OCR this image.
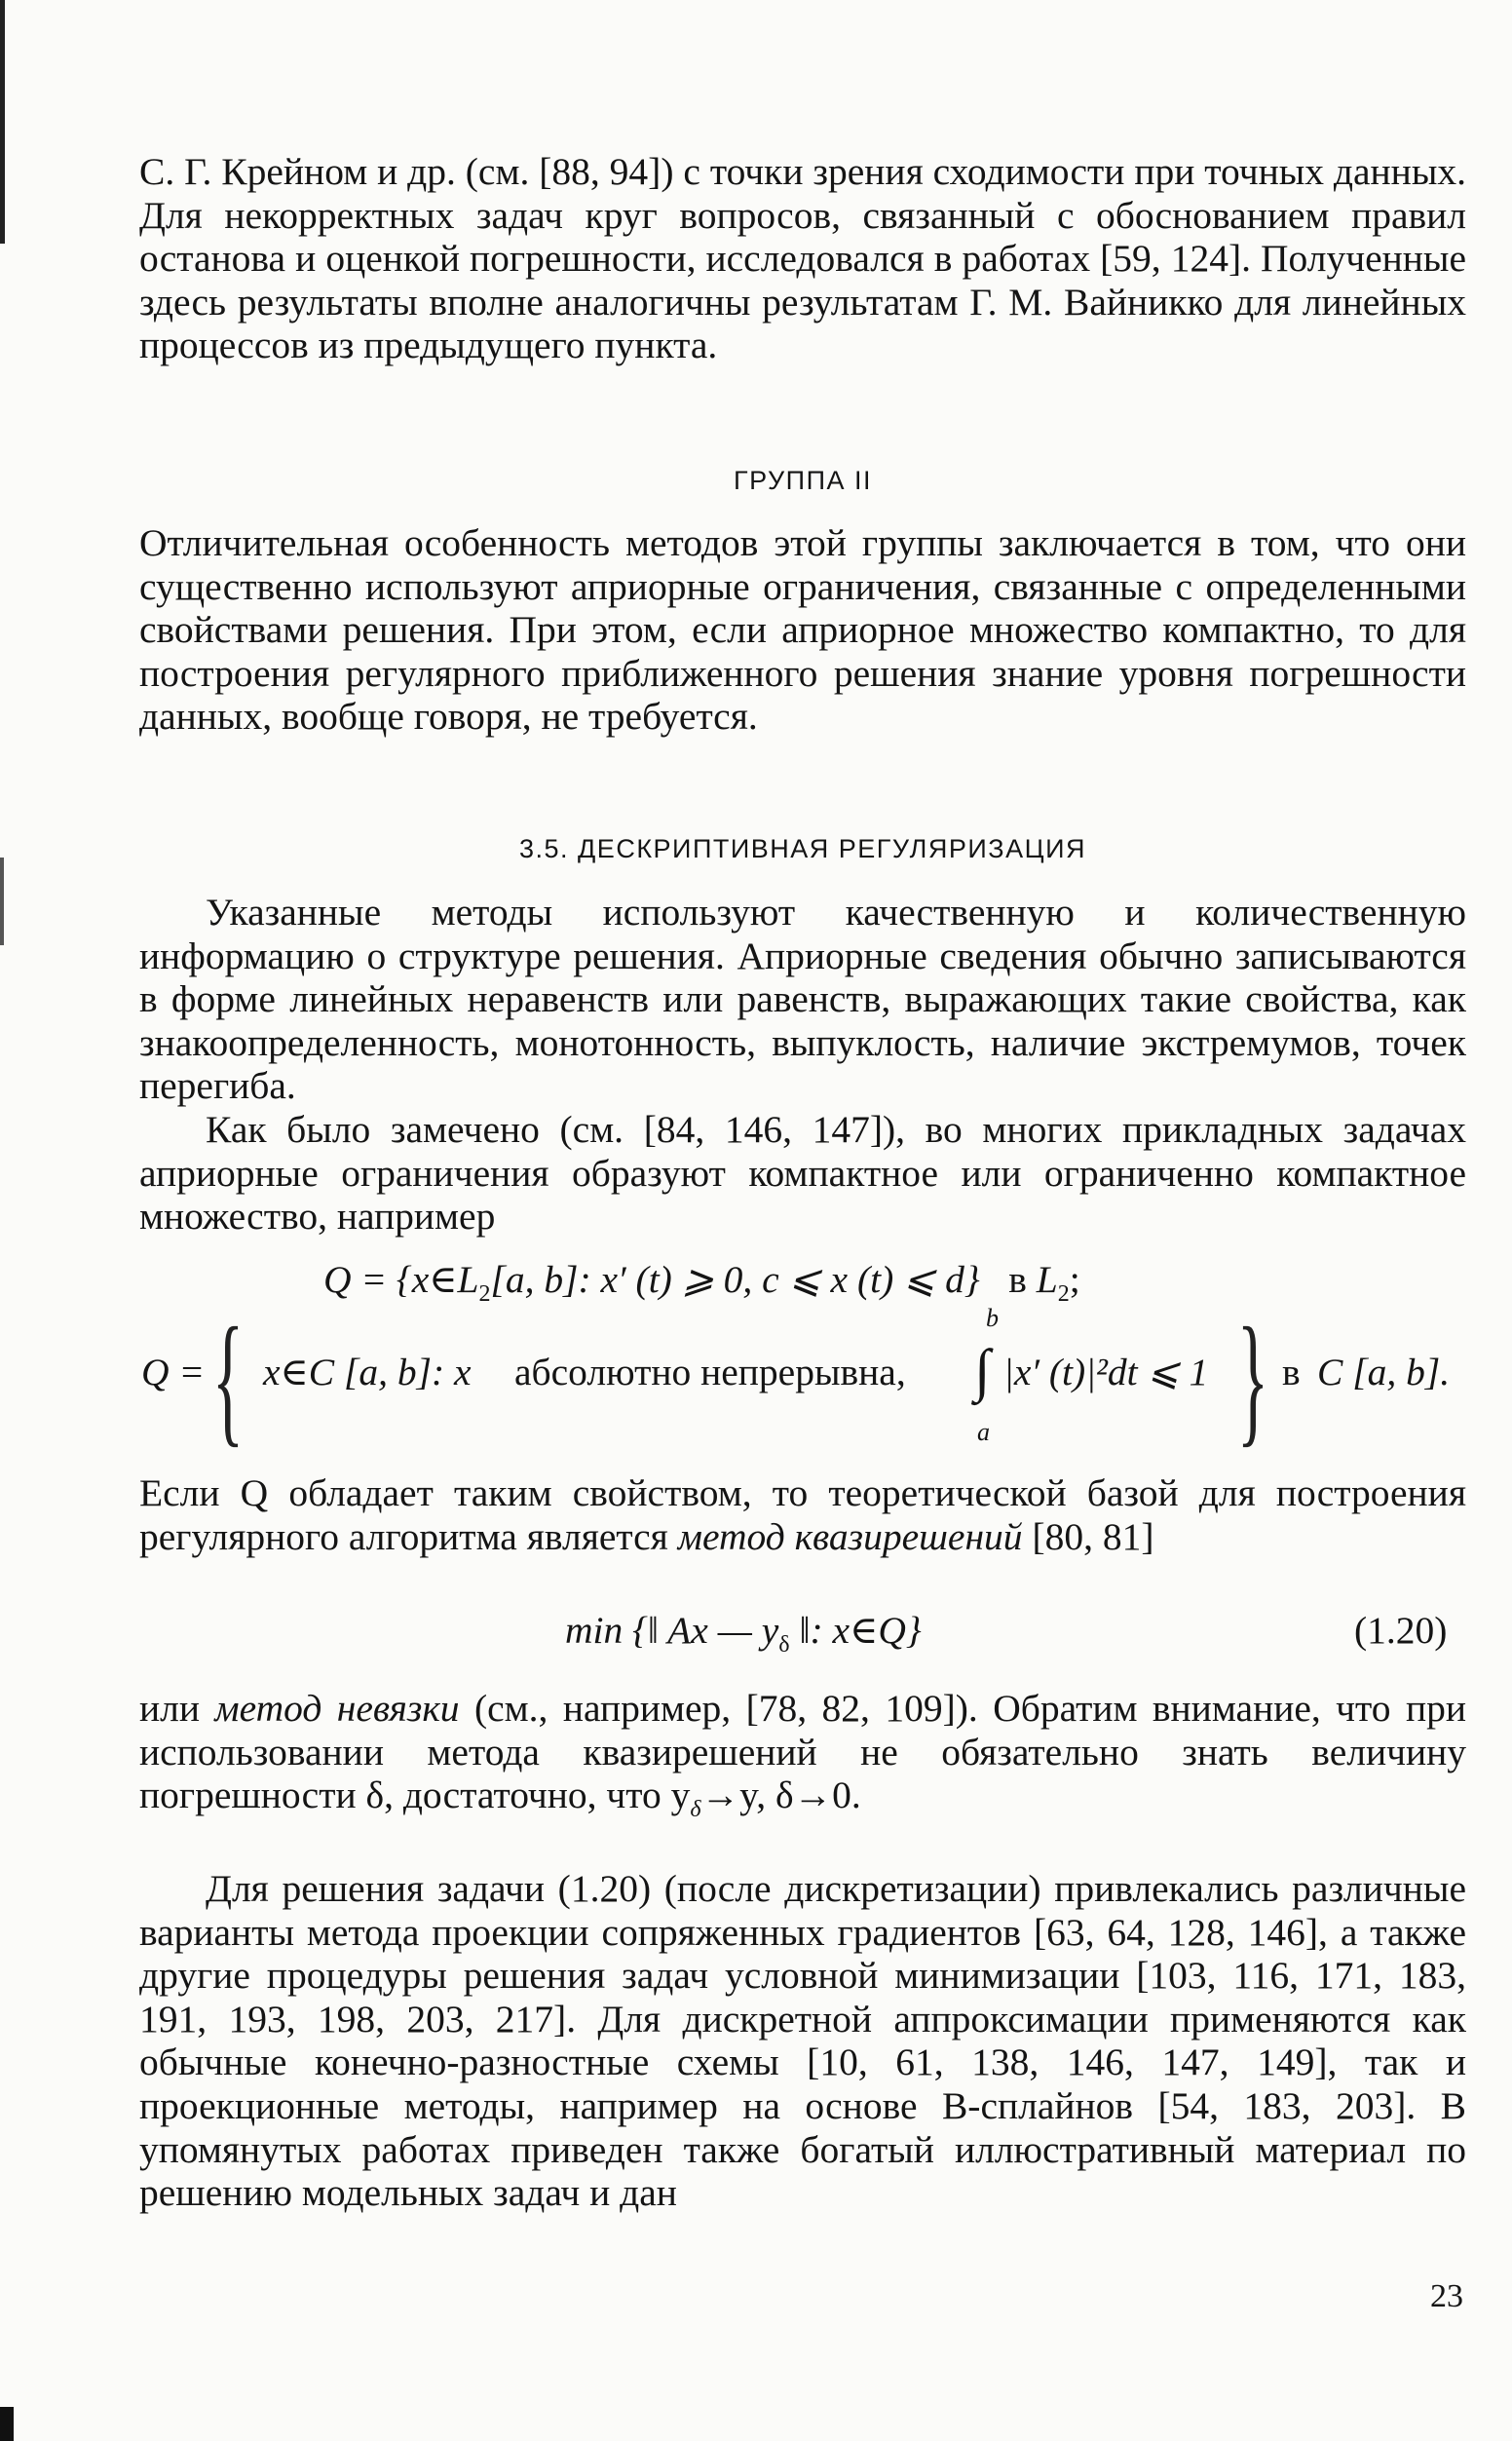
С. Г. Крейном и др. (см. [88, 94]) с точки зрения сходимости при точных данных. Для некорректных задач круг вопросов, связанный с обоснованием правил останова и оценкой погрешности, исследовался в работах [59, 124]. Полученные здесь результаты вполне аналогичны результатам Г. М. Вайникко для линейных процессов из предыдущего пункта.

ГРУППА II

Отличительная особенность методов этой группы заключается в том, что они существенно используют априорные ограничения, связанные с определенными свойствами решения. При этом, если априорное множество компактно, то для построения регулярного приближенного решения знание уровня погрешности данных, вообще говоря, не требуется.

3.5. ДЕСКРИПТИВНАЯ РЕГУЛЯРИЗАЦИЯ

Указанные методы используют качественную и количественную информацию о структуре решения. Априорные сведения обычно записываются в форме линейных неравенств или равенств, выражающих такие свойства, как знакоопределенность, монотонность, выпуклость, наличие экстремумов, точек перегиба.

Как было замечено (см. [84, 146, 147]), во многих прикладных задачах априорные ограничения образуют компактное или ограниченно компактное множество, например

$Q = \{x\in L_2[a$, b]: x′ (t) ⩾ 0, c ⩽ x (t) ⩽ d} в $L_2$;
Q = { x∈C [a, b]: x абсолютно непрерывна,
b
∫
a
|x′ (t)|²dt ⩽ 1 } в C [a, b].

Если Q обладает таким свойством, то теоретической базой для построения регулярного алгоритма является метод квазирешений [80, 81]

min {‖ Ax — $y_\delta$ ‖: x∈Q}	(1.20)

или метод невязки (см., например, [78, 82, 109]). Обратим внимание, что при использовании метода квазирешений не обязательно знать величину погрешности δ, достаточно, что $y_\delta\to y$, δ→0.

Для решения задачи (1.20) (после дискретизации) привлекались различные варианты метода проекции сопряженных градиентов [63, 64, 128, 146], а также другие процедуры решения задач условной минимизации [103, 116, 171, 183, 191, 193, 198, 203, 217]. Для дискретной аппроксимации применяются как обычные конечно-разностные схемы [10, 61, 138, 146, 147, 149], так и проекционные методы, например на основе B-сплайнов [54, 183, 203]. В упомянутых работах приведен также богатый иллюстративный материал по решению модельных задач и дан

23
